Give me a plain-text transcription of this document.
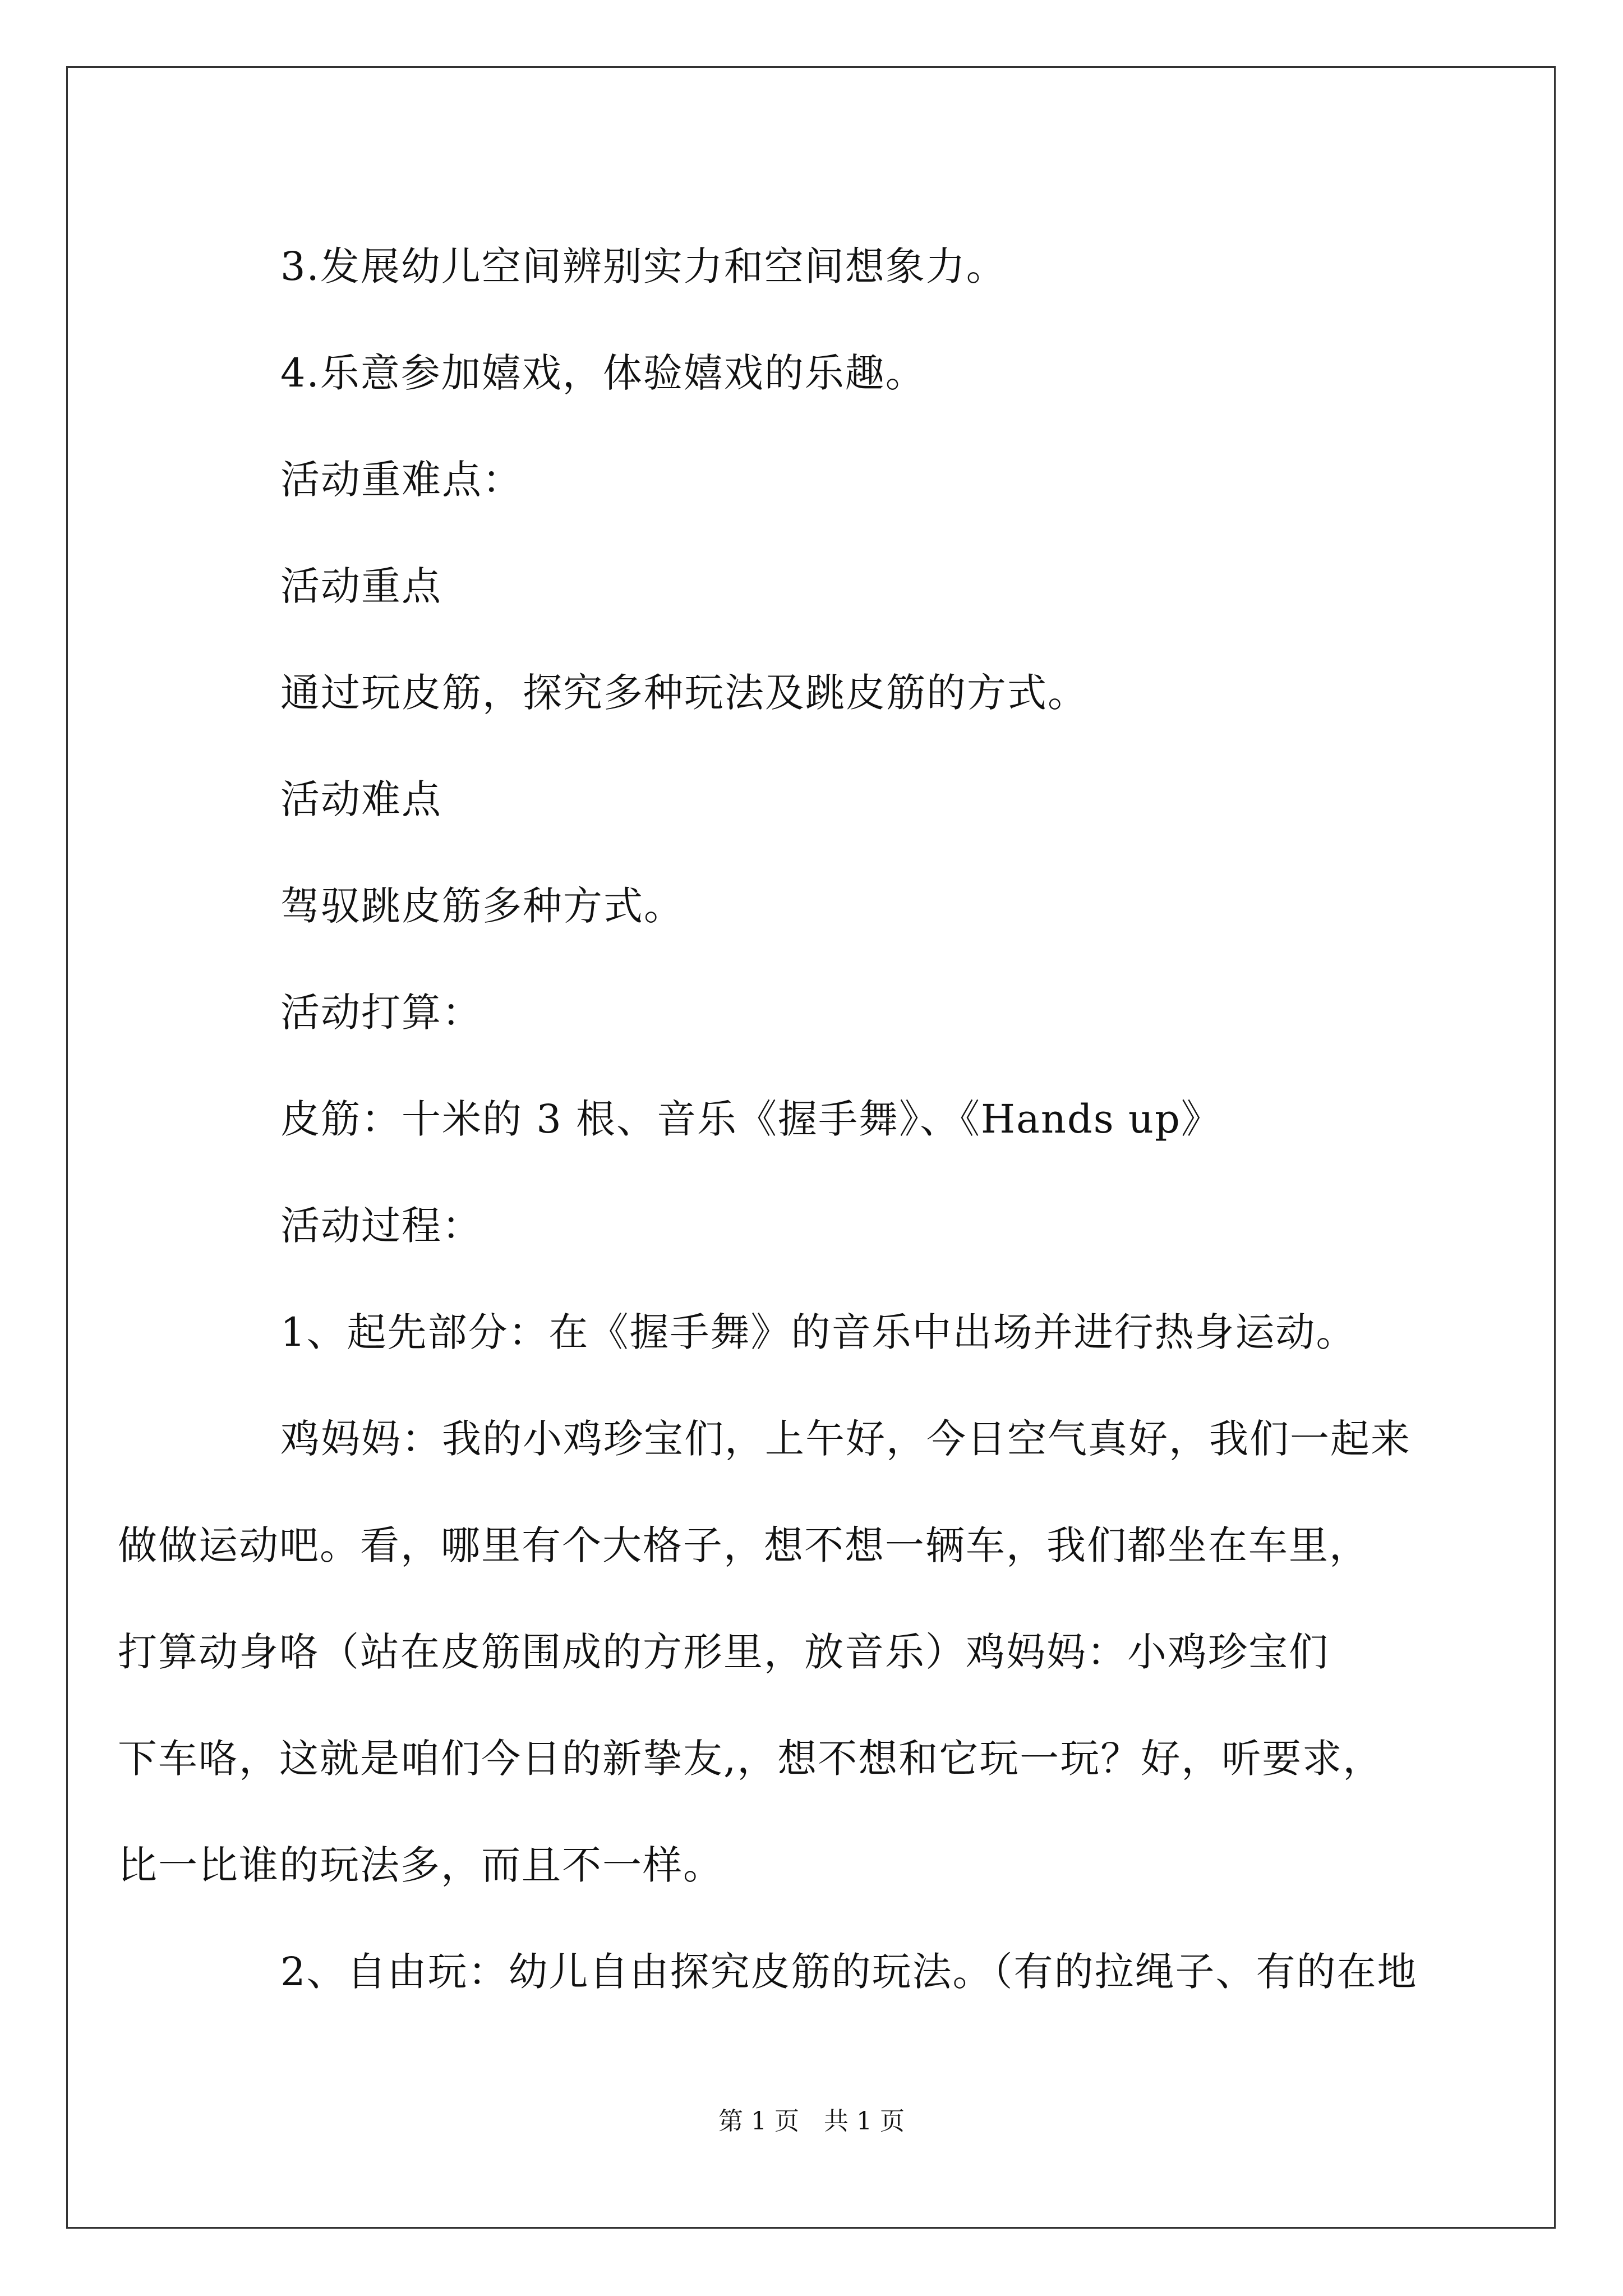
3.发展幼儿空间辨别实力和空间想象力。

4.乐意参加嬉戏，体验嬉戏的乐趣。

活动重难点：

活动重点

通过玩皮筋，探究多种玩法及跳皮筋的方式。

活动难点

驾驭跳皮筋多种方式。

活动打算：

皮筋：十米的 3 根、音乐《握手舞》、《Hands up》

活动过程：

1、起先部分：在《握手舞》的音乐中出场并进行热身运动。

鸡妈妈：我的小鸡珍宝们，上午好，今日空气真好，我们一起来
做做运动吧。看，哪里有个大格子，想不想一辆车，我们都坐在车里，
打算动身咯（站在皮筋围成的方形里，放音乐）鸡妈妈：小鸡珍宝们
下车咯，这就是咱们今日的新挚友,，想不想和它玩一玩？好，听要求，
比一比谁的玩法多，而且不一样。

2、自由玩：幼儿自由探究皮筋的玩法。（有的拉绳子、有的在地

第 1 页　共 1 页
